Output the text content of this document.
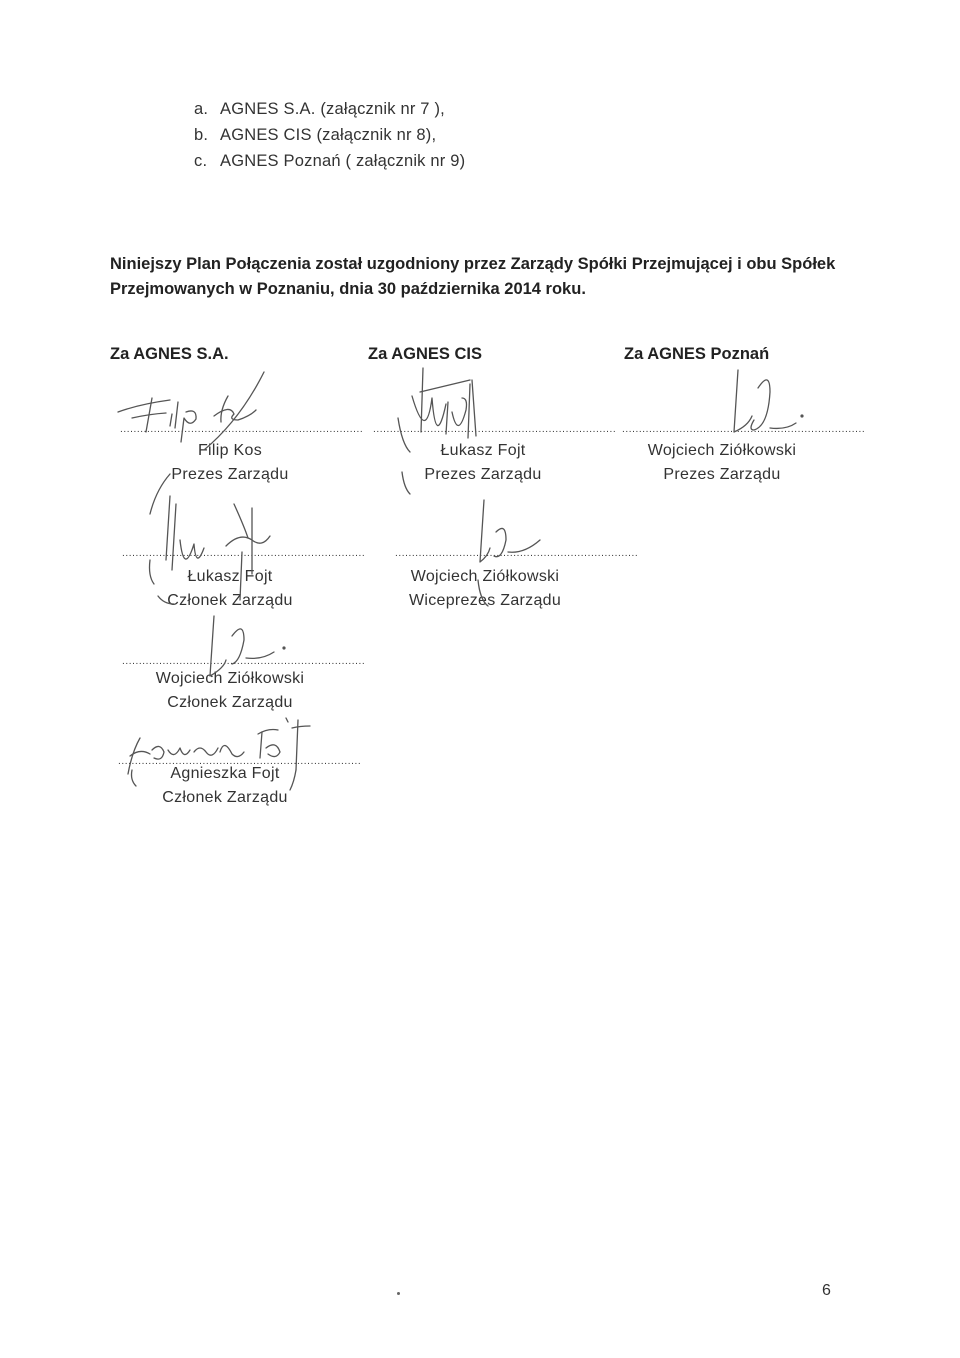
a. AGNES S.A. (załącznik nr 7 ),
b. AGNES CIS (załącznik nr 8),
c. AGNES Poznań ( załącznik nr 9)
Niniejszy Plan Połączenia został uzgodniony przez Zarządy Spółki Przejmującej i obu Spółek Przejmowanych w Poznaniu, dnia 30 października 2014 roku.
Za AGNES S.A.	Za AGNES CIS	Za AGNES Poznań
........................................................................
Filip Kos
Prezes Zarządu
........................................................................
Łukasz Fojt
Prezes Zarządu
........................................................................
Wojciech Ziółkowski
Prezes Zarządu
........................................................................
Łukasz Fojt
Członek Zarządu
........................................................................
Wojciech Ziółkowski
Wiceprezes Zarządu
........................................................................
Wojciech Ziółkowski
Członek Zarządu
........................................................................
Agnieszka Fojt
Członek Zarządu
6
